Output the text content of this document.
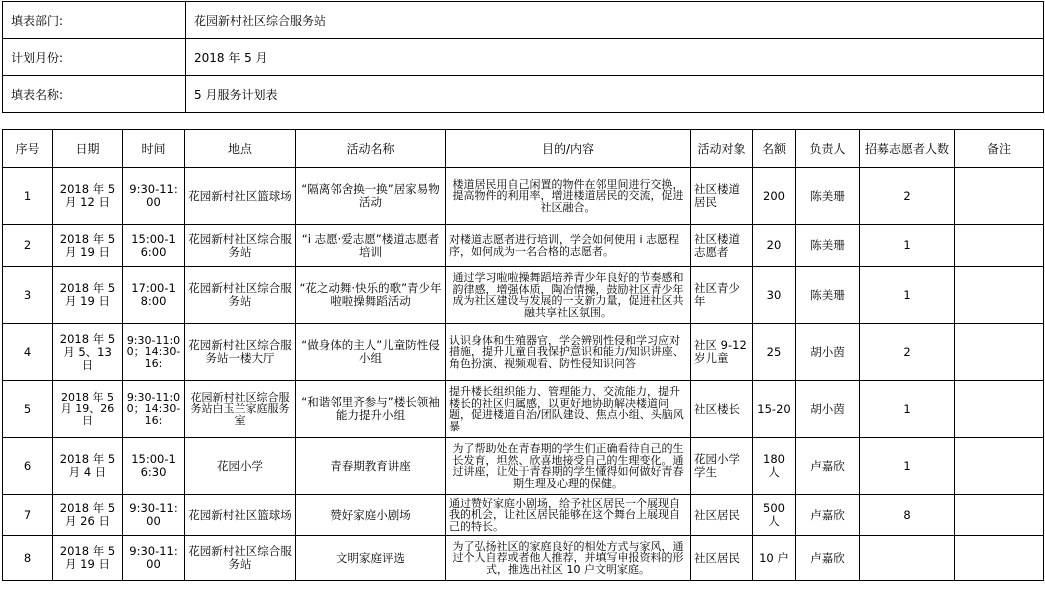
填表部门:	花园新村社区综合服务站
计划月份:	2018 年 5 月
填表名称:	5 月服务计划表
序号	日期	时间	地点	活动名称	目的/内容	活动对象	名额	负责人	招募志愿者人数	备注
1	2018 年 5 月 12 日	9:30-11:00	花园新村社区篮球场	“隔离邻舍换一换”居家易物活动	楼道居民用自己闲置的物件在邻里间进行交换，提高物件的利用率，增进楼道居民的交流，促进社区融合。	社区楼道居民	200	陈美珊	2	
2	2018 年 5 月 19 日	15:00-16:00	花园新村社区综合服务站	“i 志愿·爱志愿”楼道志愿者培训	对楼道志愿者进行培训，学会如何使用 i 志愿程序，如何成为一名合格的志愿者。	社区楼道志愿者	20	陈美珊	1	
3	2018 年 5 月 19 日	17:00-18:00	花园新村社区综合服务站	“花之动舞·快乐的歌”青少年啦啦操舞蹈活动	通过学习啦啦操舞蹈培养青少年良好的节奏感和韵律感，增强体质，陶冶情操，鼓励社区青少年成为社区建设与发展的一支新力量，促进社区共融共享社区氛围。	社区青少年	30	陈美珊	1	
4	2018 年 5 月 5、13 日	9:30-11:00；14:30-16:	花园新村社区综合服务站一楼大厅	“做身体的主人”儿童防性侵小组	认识身体和生殖器官，学会辨别性侵和学习应对措施，提升儿童自我保护意识和能力/知识讲座、角色扮演、视频观看、防性侵知识问答	社区 9-12 岁儿童	25	胡小茵	2	
5	2018 年 5 月 19、26 日	9:30-11:00；14:30-16:	花园新村社区综合服务站白玉兰家庭服务室	“和谐邻里齐参与”楼长领袖能力提升小组	提升楼长组织能力、管理能力、交流能力，提升楼长的社区归属感，以更好地协助解决楼道问题，促进楼道自治/团队建设、焦点小组、头脑风暴	社区楼长	15-20	胡小茵	1	
6	2018 年 5 月 4 日	15:00-16:30	花园小学	青春期教育讲座	为了帮助处在青春期的学生们正确看待自己的生长发育，坦然、欣喜地接受自己的生理变化。通过讲座，让处于青春期的学生懂得如何做好青春期生理及心理的保健。	花园小学学生	180 人	卢嘉欣	1	
7	2018 年 5 月 26 日	9:30-11:00	花园新村社区篮球场	赞好家庭小剧场	通过赞好家庭小剧场，给予社区居民一个展现自我的机会，让社区居民能够在这个舞台上展现自己的特长。	社区居民	500 人	卢嘉欣	8	
8	2018 年 5 月 19 日	9:30-11:00	花园新村社区综合服务站	文明家庭评选	为了弘扬社区的家庭良好的相处方式与家风，通过个人自荐或者他人推荐，并填写申报资料的形式，推选出社区 10 户文明家庭。	社区居民	10 户	卢嘉欣		
